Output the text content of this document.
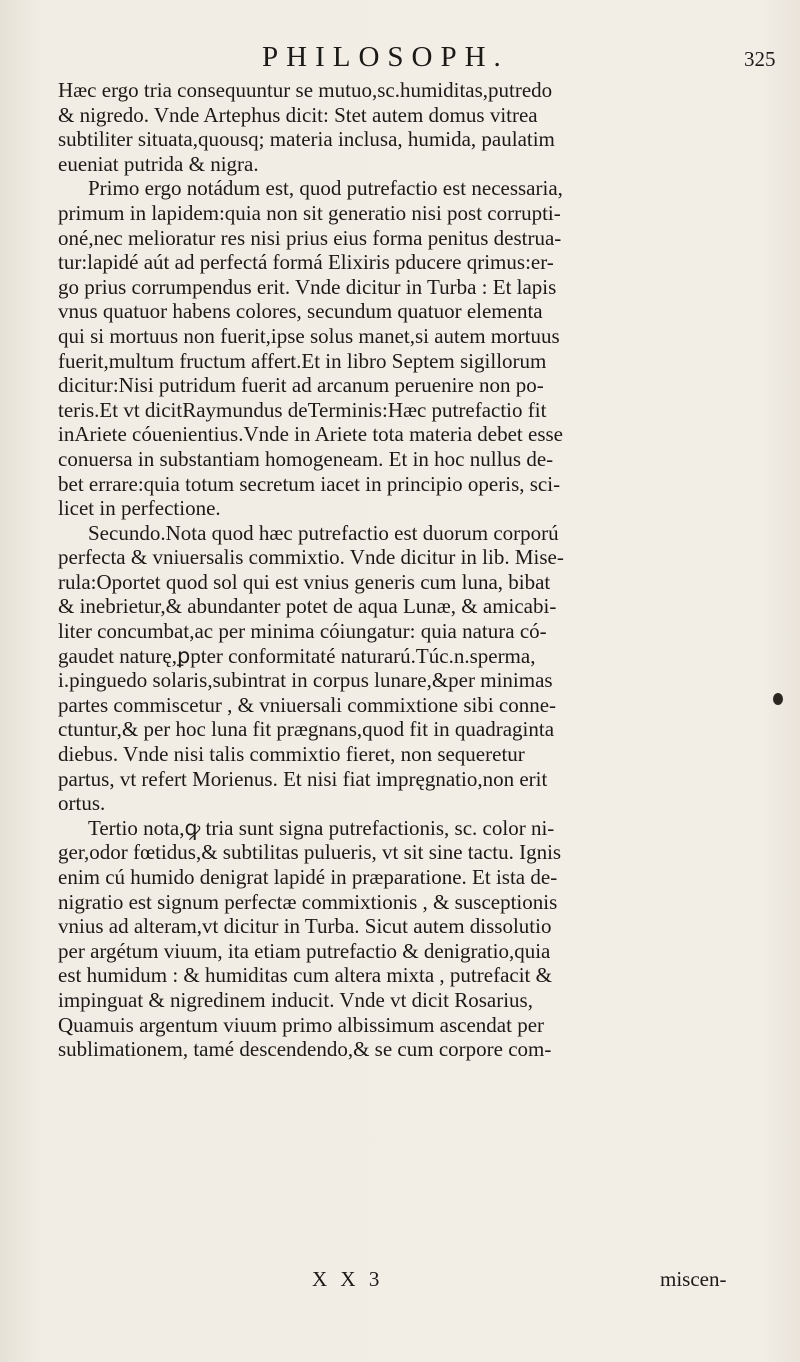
PHILOSOPH.	325
Hæc ergo tria consequuntur se mutuo,sc.humiditas,putredo
& nigredo. Vnde Artephus dicit: Stet autem domus vitrea
subtiliter situata,quousq; materia inclusa, humida, paulatim
eueniat putrida & nigra.
Primo ergo notádum est, quod putrefactio est necessaria,
primum in lapidem:quia non sit generatio nisi post corrupti-
oné,nec melioratur res nisi prius eius forma penitus destrua-
tur:lapidé aút ad perfectá formá Elixiris pducere qrimus:er-
go prius corrumpendus erit. Vnde dicitur in Turba : Et lapis
vnus quatuor habens colores, secundum quatuor elementa
qui si mortuus non fuerit,ipse solus manet,si autem mortuus
fuerit,multum fructum affert.Et in libro Septem sigillorum
dicitur:Nisi putridum fuerit ad arcanum peruenire non po-
teris.Et vt dicitRaymundus deTerminis:Hæc putrefactio fit
inAriete cóuenientius.Vnde in Ariete tota materia debet esse
conuersa in substantiam homogeneam. Et in hoc nullus de-
bet errare:quia totum secretum iacet in principio operis, sci-
licet in perfectione.
Secundo.Nota quod hæc putrefactio est duorum corporú
perfecta & vniuersalis commixtio. Vnde dicitur in lib. Mise-
rula:Oportet quod sol qui est vnius generis cum luna, bibat
& inebrietur,& abundanter potet de aqua Lunæ, & amicabi-
liter concumbat,ac per minima cóiungatur: quia natura có-
gaudet naturę,ꝑpter conformitaté naturarú.Túc.n.sperma,
i.pinguedo solaris,subintrat in corpus lunare,&per minimas
partes commiscetur , & vniuersali commixtione sibi conne-
ctuntur,& per hoc luna fit prægnans,quod fit in quadraginta
diebus. Vnde nisi talis commixtio fieret, non sequeretur
partus, vt refert Morienus. Et nisi fiat impręgnatio,non erit
ortus.
Tertio nota,ꝙ tria sunt signa putrefactionis, sc. color ni-
ger,odor fœtidus,& subtilitas pulueris, vt sit sine tactu. Ignis
enim cú humido denigrat lapidé in præparatione. Et ista de-
nigratio est signum perfectæ commixtionis , & susceptionis
vnius ad alteram,vt dicitur in Turba. Sicut autem dissolutio
per argétum viuum, ita etiam putrefactio & denigratio,quia
est humidum : & humiditas cum altera mixta , putrefacit &
impinguat & nigredinem inducit. Vnde vt dicit Rosarius,
Quamuis argentum viuum primo albissimum ascendat per
sublimationem, tamé descendendo,& se cum corpore com-
X X 3	miscen-
